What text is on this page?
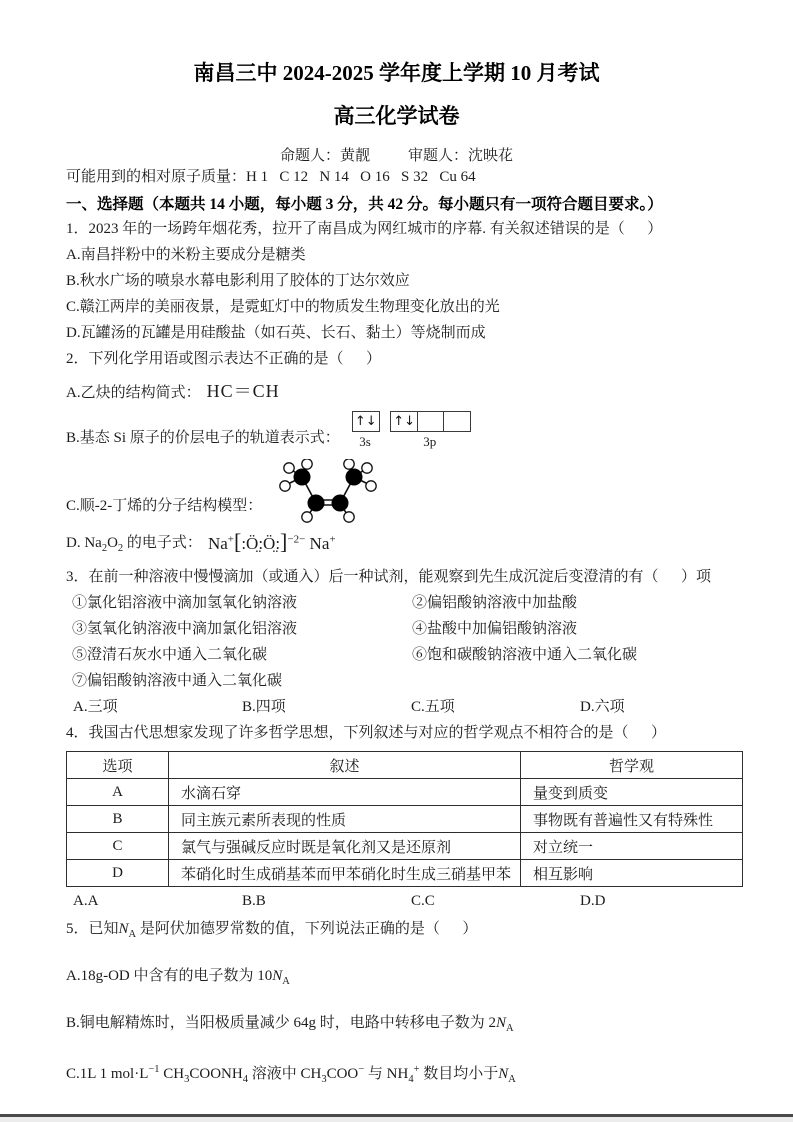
南昌三中 2024-2025 学年度上学期 10 月考试
高三化学试卷
命题人：黄靓	审题人：沈映花
可能用到的相对原子质量：H 1   C 12   N 14   O 16   S 32   Cu 64
一、选择题（本题共 14 小题，每小题 3 分，共 42 分。每小题只有一项符合题目要求。）
1．2023 年的一场跨年烟花秀，拉开了南昌成为网红城市的序幕. 有关叙述错误的是（      ）
A.南昌拌粉中的米粉主要成分是糖类
B.秋水广场的喷泉水幕电影利用了胶体的丁达尔效应
C.赣江两岸的美丽夜景，是霓虹灯中的物质发生物理变化放出的光
D.瓦罐汤的瓦罐是用硅酸盐（如石英、长石、黏土）等烧制而成
2．下列化学用语或图示表达不正确的是（      ）
A.乙炔的结构简式： HC＝CH
B.基态 Si 原子的价层电子的轨道表示式：
↑↓
3s
↑↓
3p
C.顺-2-丁烯的分子结构模型：
D. $Na_2O_2$ 的电子式： Na+[:Ö̤:Ö̤:]$^{-2-}$ Na+
3．在前一种溶液中慢慢滴加（或通入）后一种试剂，能观察到先生成沉淀后变澄清的有（      ）项
①氯化铝溶液中滴加氢氧化钠溶液	②偏铝酸钠溶液中加盐酸
③氢氧化钠溶液中滴加氯化铝溶液	④盐酸中加偏铝酸钠溶液
⑤澄清石灰水中通入二氧化碳	⑥饱和碳酸钠溶液中通入二氧化碳
⑦偏铝酸钠溶液中通入二氧化碳
A.三项	B.四项	C.五项	D.六项
4．我国古代思想家发现了许多哲学思想，下列叙述与对应的哲学观点不相符合的是（      ）
选项	叙述	哲学观
A	水滴石穿	量变到质变
B	同主族元素所表现的性质	事物既有普遍性又有特殊性
C	氯气与强碱反应时既是氧化剂又是还原剂	对立统一
D	苯硝化时生成硝基苯而甲苯硝化时生成三硝基甲苯	相互影响
A.A	B.B	C.C	D.D
5．已知$N_A$ 是阿伏加德罗常数的值，下列说法正确的是（      ）
A.18g-OD 中含有的电子数为 $10N_A$
B.铜电解精炼时，当阳极质量减少 64g 时，电路中转移电子数为 $2N_A$
C.1L 1 $mol\cdot L^{-1}$ $CH_3COONH_4$ 溶液中 $CH_3COO^-$ 与 $NH_4^+$ 数目均小于$N_A$
